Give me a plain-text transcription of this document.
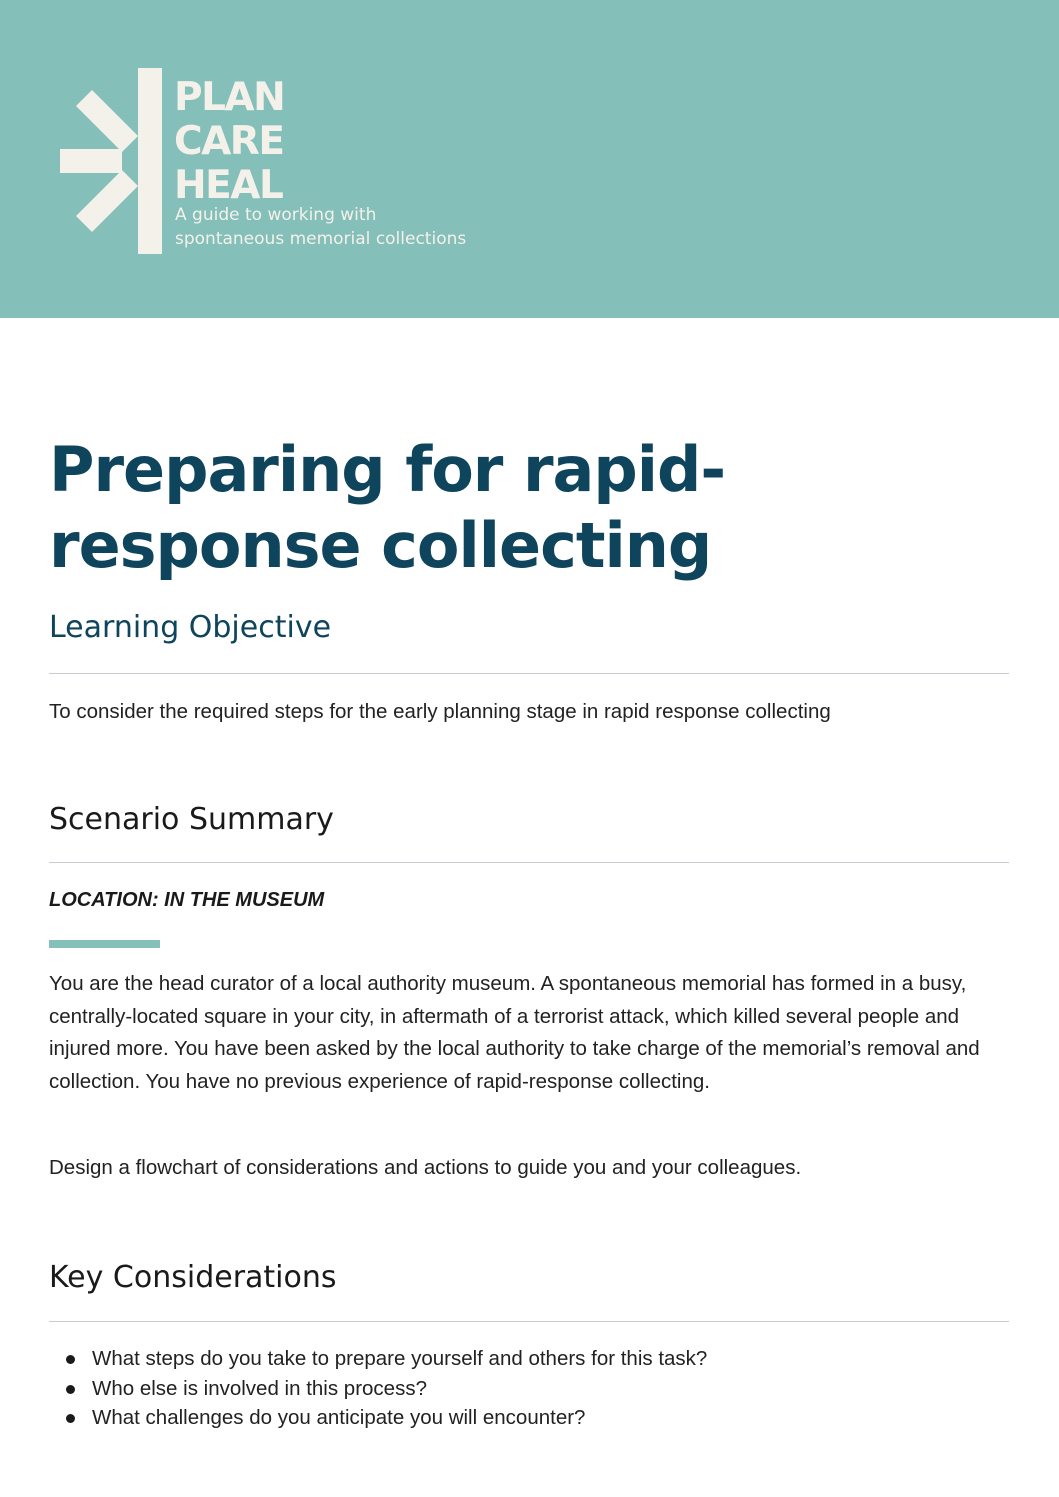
PLAN
CARE
HEAL
A guide to working with
spontaneous memorial collections
Preparing for rapid-
response collecting
Learning Objective

To consider the required steps for the early planning stage in rapid response collecting

Scenario Summary

LOCATION: IN THE MUSEUM

You are the head curator of a local authority museum. A spontaneous memorial has formed in a busy, centrally-located square in your city, in aftermath of a terrorist attack, which killed several people and injured more. You have been asked by the local authority to take charge of the memorial’s removal and collection. You have no previous experience of rapid-response collecting.

Design a flowchart of considerations and actions to guide you and your colleagues.

Key Considerations
What steps do you take to prepare yourself and others for this task?
Who else is involved in this process?
What challenges do you anticipate you will encounter?
